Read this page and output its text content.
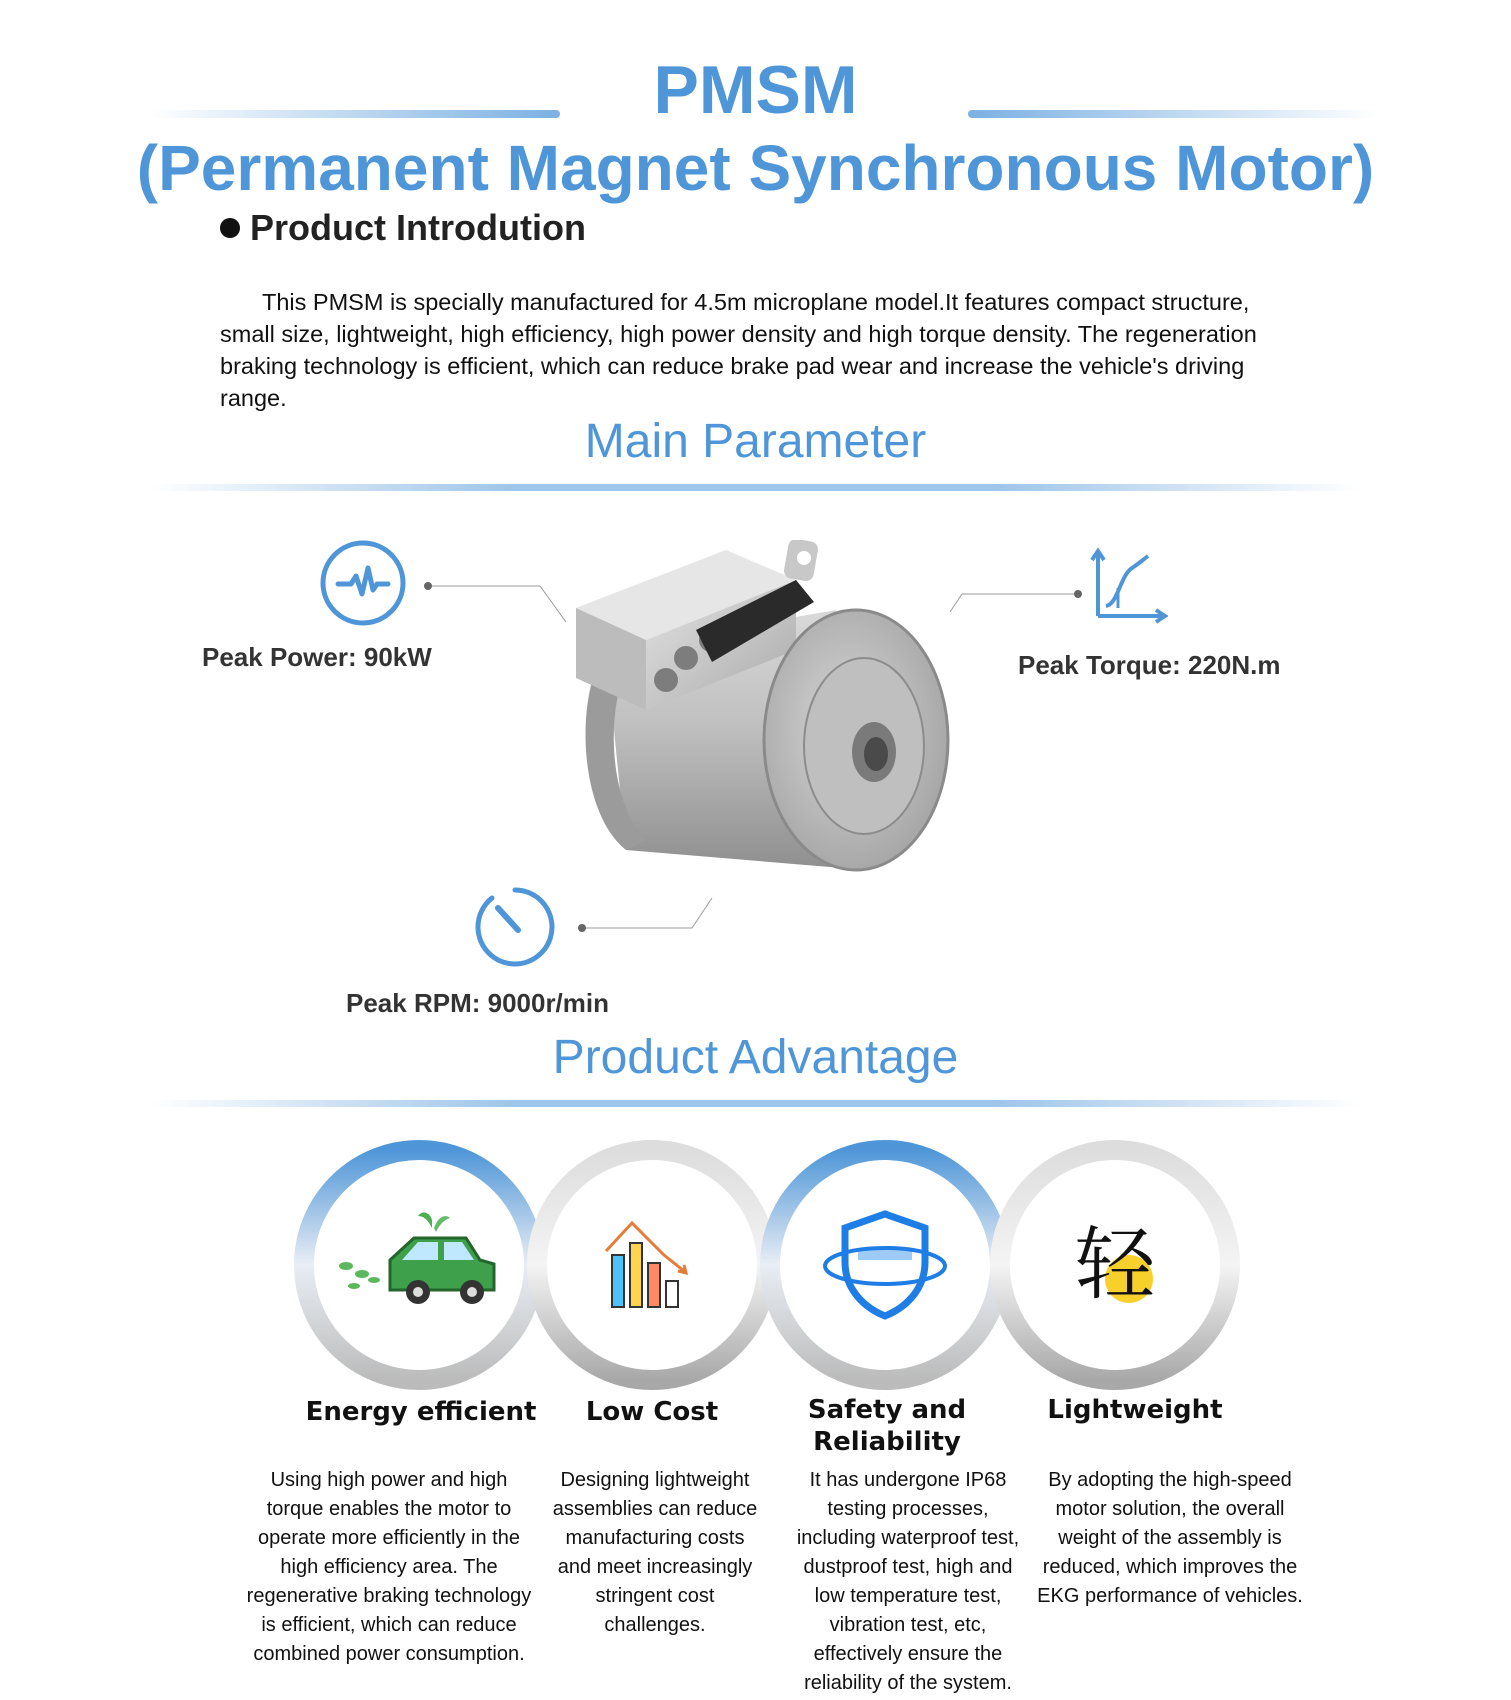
PMSM
(Permanent Magnet Synchronous Motor)
Product Introdution
This PMSM is specially manufactured for 4.5m microplane model.It features compact structure, small size, lightweight, high efficiency, high power density and high torque density. The regeneration braking technology is efficient, which can reduce brake pad wear and increase the vehicle's driving range.
Main Parameter
Peak Power: 90kW	Peak Torque: 220N.m
Peak RPM: 9000r/min
Product Advantage
轻
Energy efficient	Low Cost	Safety and Reliability
Lightweight
Using high power and high torque enables the motor to operate more efficiently in the high efficiency area. The regenerative braking technology is efficient, which can reduce combined power consumption.
Designing lightweight assemblies can reduce manufacturing costs and meet increasingly stringent cost challenges.
It has undergone IP68 testing processes, including waterproof test, dustproof test, high and low temperature test, vibration test, etc, effectively ensure the reliability of the system.
By adopting the high-speed motor solution, the overall weight of the assembly is reduced, which improves the EKG performance of vehicles.
